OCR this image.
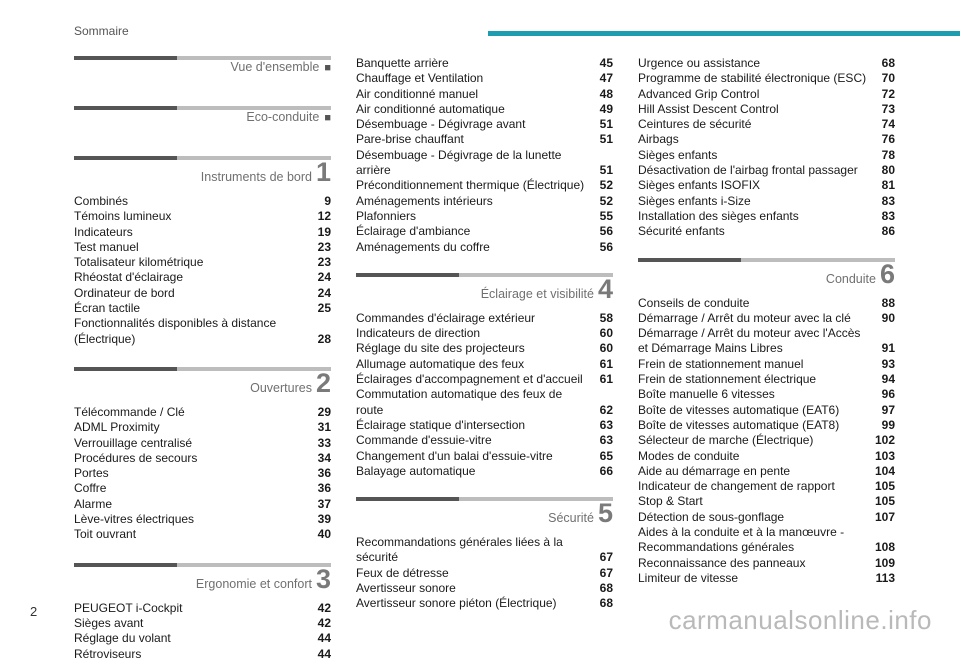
Sommaire
Vue d'ensemble ■
Eco-conduite ■
Instruments de bord 1
Combinés	9
Témoins lumineux	12
Indicateurs	19
Test manuel	23
Totalisateur kilométrique	23
Rhéostat d'éclairage	24
Ordinateur de bord	24
Écran tactile	25
Fonctionnalités disponibles à distance (Électrique)	28
Ouvertures 2
Télécommande / Clé	29
ADML Proximity	31
Verrouillage centralisé	33
Procédures de secours	34
Portes	36
Coffre	36
Alarme	37
Lève-vitres électriques	39
Toit ouvrant	40
Ergonomie et confort 3
PEUGEOT i-Cockpit	42
Sièges avant	42
Réglage du volant	44
Rétroviseurs	44
Banquette arrière	45
Chauffage et Ventilation	47
Air conditionné manuel	48
Air conditionné automatique	49
Désembuage - Dégivrage avant	51
Pare-brise chauffant	51
Désembuage - Dégivrage de la lunette arrière	51
Préconditionnement thermique (Électrique)	52
Aménagements intérieurs	52
Plafonniers	55
Éclairage d'ambiance	56
Aménagements du coffre	56
Éclairage et visibilité 4
Commandes d'éclairage extérieur	58
Indicateurs de direction	60
Réglage du site des projecteurs	60
Allumage automatique des feux	61
Éclairages d'accompagnement et d'accueil	61
Commutation automatique des feux de route	62
Éclairage statique d'intersection	63
Commande d'essuie-vitre	63
Changement d'un balai d'essuie-vitre	65
Balayage automatique	66
Sécurité 5
Recommandations générales liées à la sécurité	67
Feux de détresse	67
Avertisseur sonore	68
Avertisseur sonore piéton (Électrique)	68
Urgence ou assistance	68
Programme de stabilité électronique (ESC)	70
Advanced Grip Control	72
Hill Assist Descent Control	73
Ceintures de sécurité	74
Airbags	76
Sièges enfants	78
Désactivation de l'airbag frontal passager	80
Sièges enfants ISOFIX	81
Sièges enfants i-Size	83
Installation des sièges enfants	83
Sécurité enfants	86
Conduite 6
Conseils de conduite	88
Démarrage / Arrêt du moteur avec la clé	90
Démarrage / Arrêt du moteur avec l'Accès et Démarrage Mains Libres	91
Frein de stationnement manuel	93
Frein de stationnement électrique	94
Boîte manuelle 6 vitesses	96
Boîte de vitesses automatique (EAT6)	97
Boîte de vitesses automatique (EAT8)	99
Sélecteur de marche (Électrique)	102
Modes de conduite	103
Aide au démarrage en pente	104
Indicateur de changement de rapport	105
Stop & Start	105
Détection de sous-gonflage	107
Aides à la conduite et à la manœuvre - Recommandations générales	108
Reconnaissance des panneaux	109
Limiteur de vitesse	113
2	carmanualsonline.info
